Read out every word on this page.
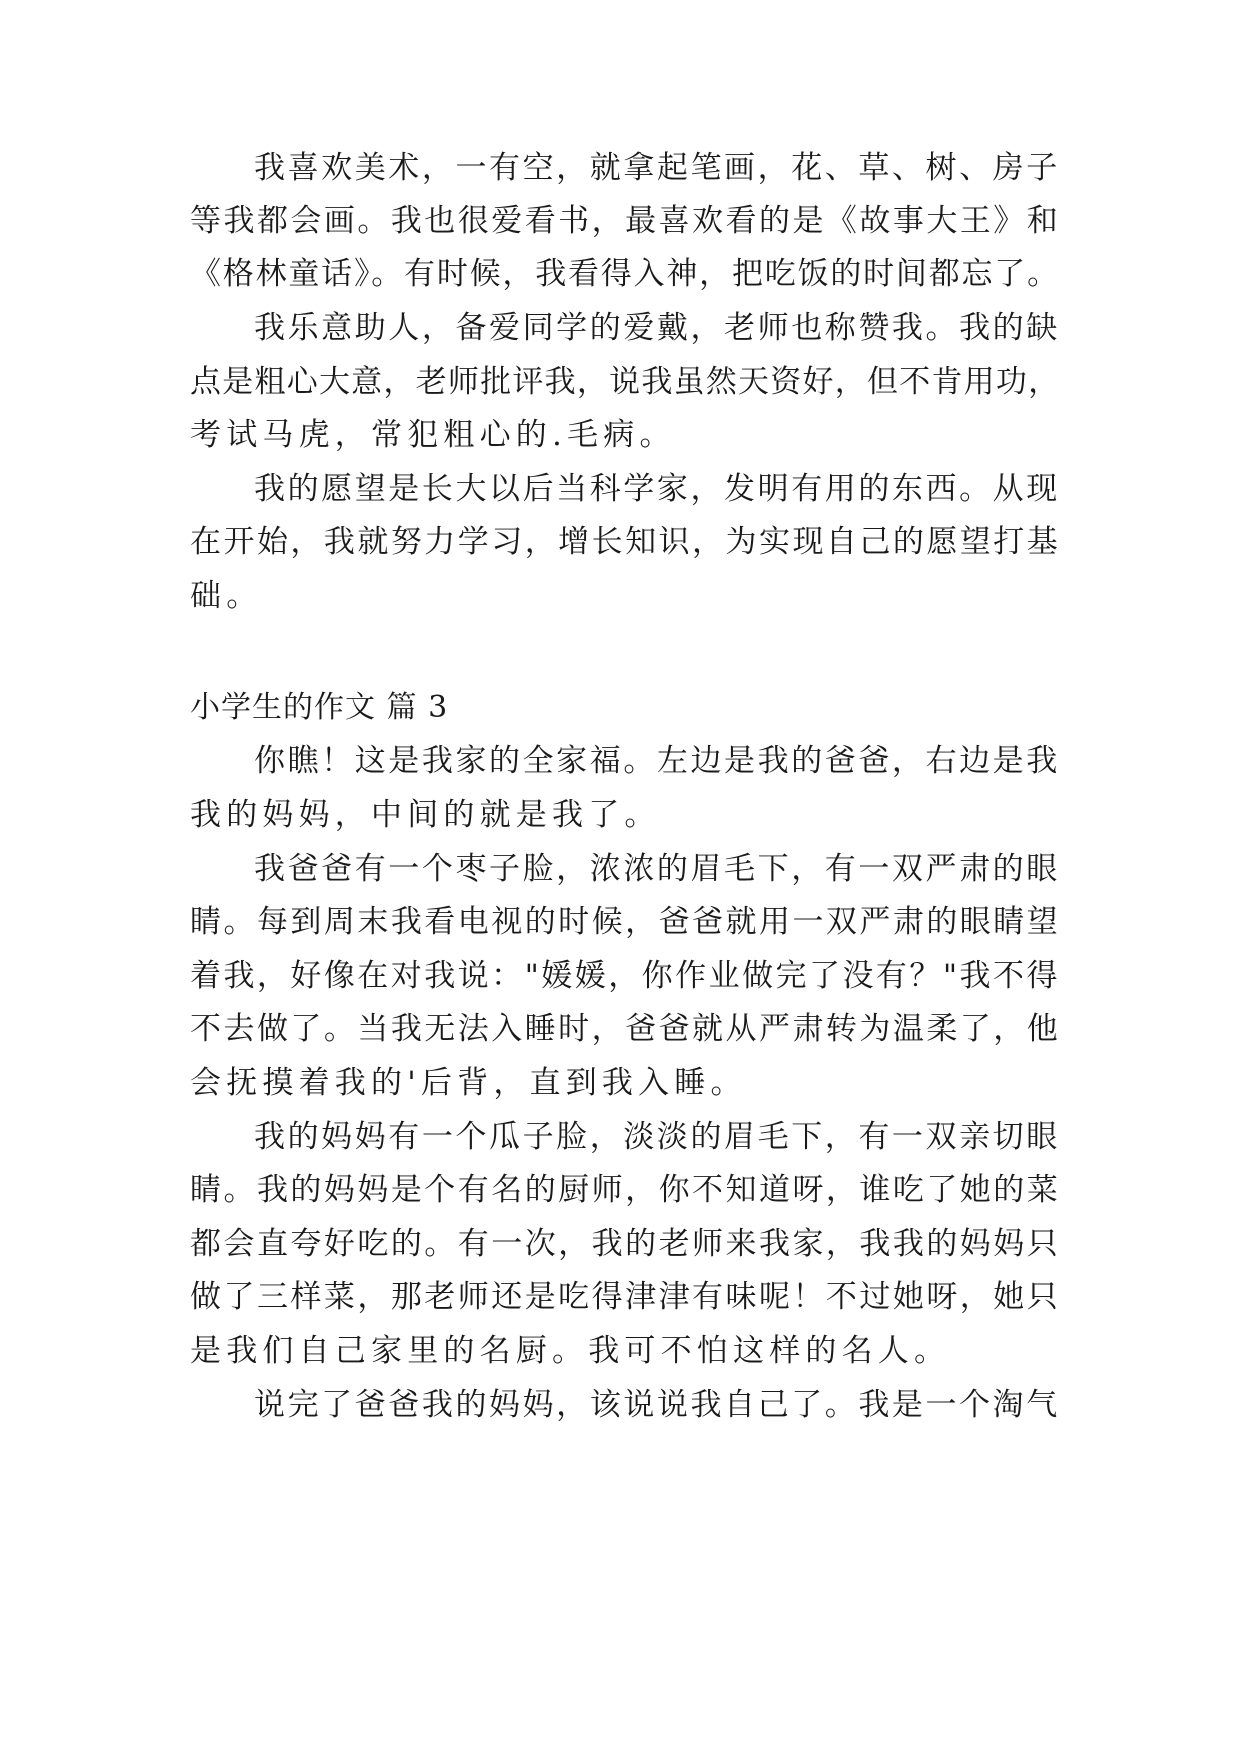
我喜欢美术，一有空，就拿起笔画，花、草、树、房子
等我都会画。我也很爱看书，最喜欢看的是《故事大王》和
《格林童话》。有时候，我看得入神，把吃饭的时间都忘了。
我乐意助人，备爱同学的爱戴，老师也称赞我。我的缺
点是粗心大意，老师批评我，说我虽然天资好，但不肯用功，
考试马虎，常犯粗心的.毛病。
我的愿望是长大以后当科学家，发明有用的东西。从现
在开始，我就努力学习，增长知识，为实现自己的愿望打基
础。
小学生的作文 篇 3
你瞧！这是我家的全家福。左边是我的爸爸，右边是我
我的妈妈，中间的就是我了。
我爸爸有一个枣子脸，浓浓的眉毛下，有一双严肃的眼
睛。每到周末我看电视的时候，爸爸就用一双严肃的眼睛望
着我，好像在对我说："媛媛，你作业做完了没有？"我不得
不去做了。当我无法入睡时，爸爸就从严肃转为温柔了，他
会抚摸着我的'后背，直到我入睡。
我的妈妈有一个瓜子脸，淡淡的眉毛下，有一双亲切眼
睛。我的妈妈是个有名的厨师，你不知道呀，谁吃了她的菜
都会直夸好吃的。有一次，我的老师来我家，我我的妈妈只
做了三样菜，那老师还是吃得津津有味呢！不过她呀，她只
是我们自己家里的名厨。我可不怕这样的名人。
说完了爸爸我的妈妈，该说说我自己了。我是一个淘气
